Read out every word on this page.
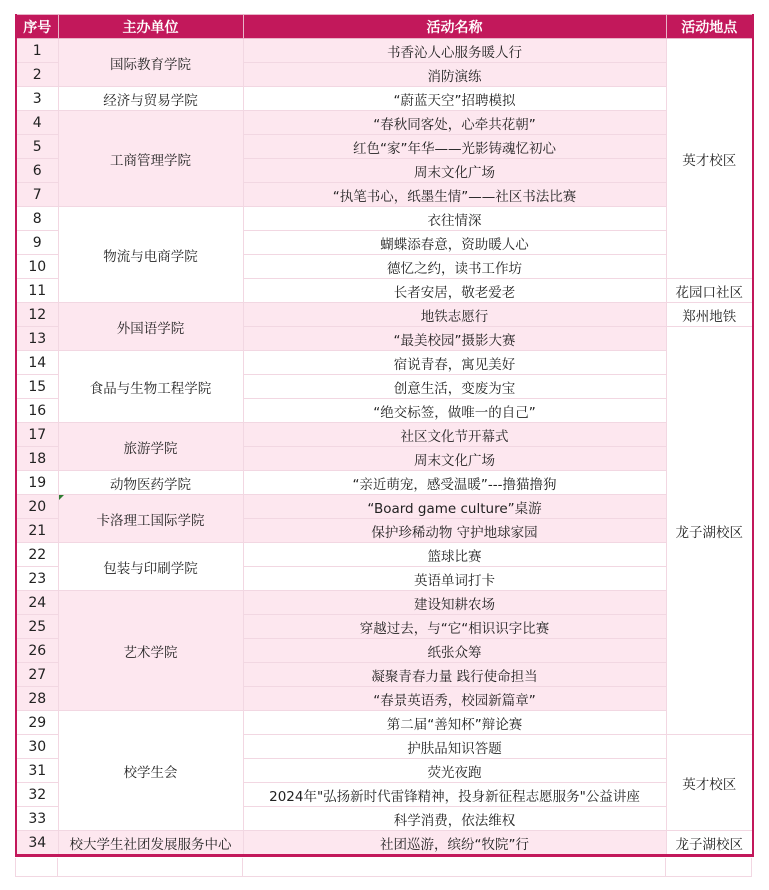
序号	主办单位	活动名称	活动地点
1	国际教育学院	书香沁人心服务暖人行	英才校区
2		消防演练	
3	经济与贸易学院	“蔚蓝天空”招聘模拟	
4	工商管理学院	“春秋同客处，心牵共花朝”	
5		红色“家”年华——光影铸魂忆初心	
6		周末文化广场	
7		“执笔书心，纸墨生情”——社区书法比赛	
8	物流与电商学院	衣往情深	
9		蝴蝶添春意，资助暖人心	
10		德忆之约，读书工作坊	
11		长者安居，敬老爱老	花园口社区
12	外国语学院	地铁志愿行	郑州地铁
13		“最美校园”摄影大赛	龙子湖校区
14	食品与生物工程学院	宿说青春，寓见美好	
15		创意生活，变废为宝	
16		“绝交标签，做唯一的自己”	
17	旅游学院	社区文化节开幕式	
18		周末文化广场	
19	动物医药学院	“亲近萌宠，感受温暖”---撸猫撸狗	
20	卡洛理工国际学院	“Board game culture”桌游	
21		保护珍稀动物 守护地球家园	
22	包装与印刷学院	篮球比赛	
23		英语单词打卡	
24	艺术学院	建设知耕农场	
25		穿越过去，与“它“相识识字比赛	
26		纸张众筹	
27		凝聚青春力量 践行使命担当	
28		“春景英语秀，校园新篇章”	
29	校学生会	第二届“善知杯”辩论赛	
30		护肤品知识答题	英才校区
31		荧光夜跑	
32		2024年"弘扬新时代雷锋精神，投身新征程志愿服务"公益讲座	
33		科学消费，依法维权	
34	校大学生社团发展服务中心	社团巡游，缤纷“牧院”行	龙子湖校区
